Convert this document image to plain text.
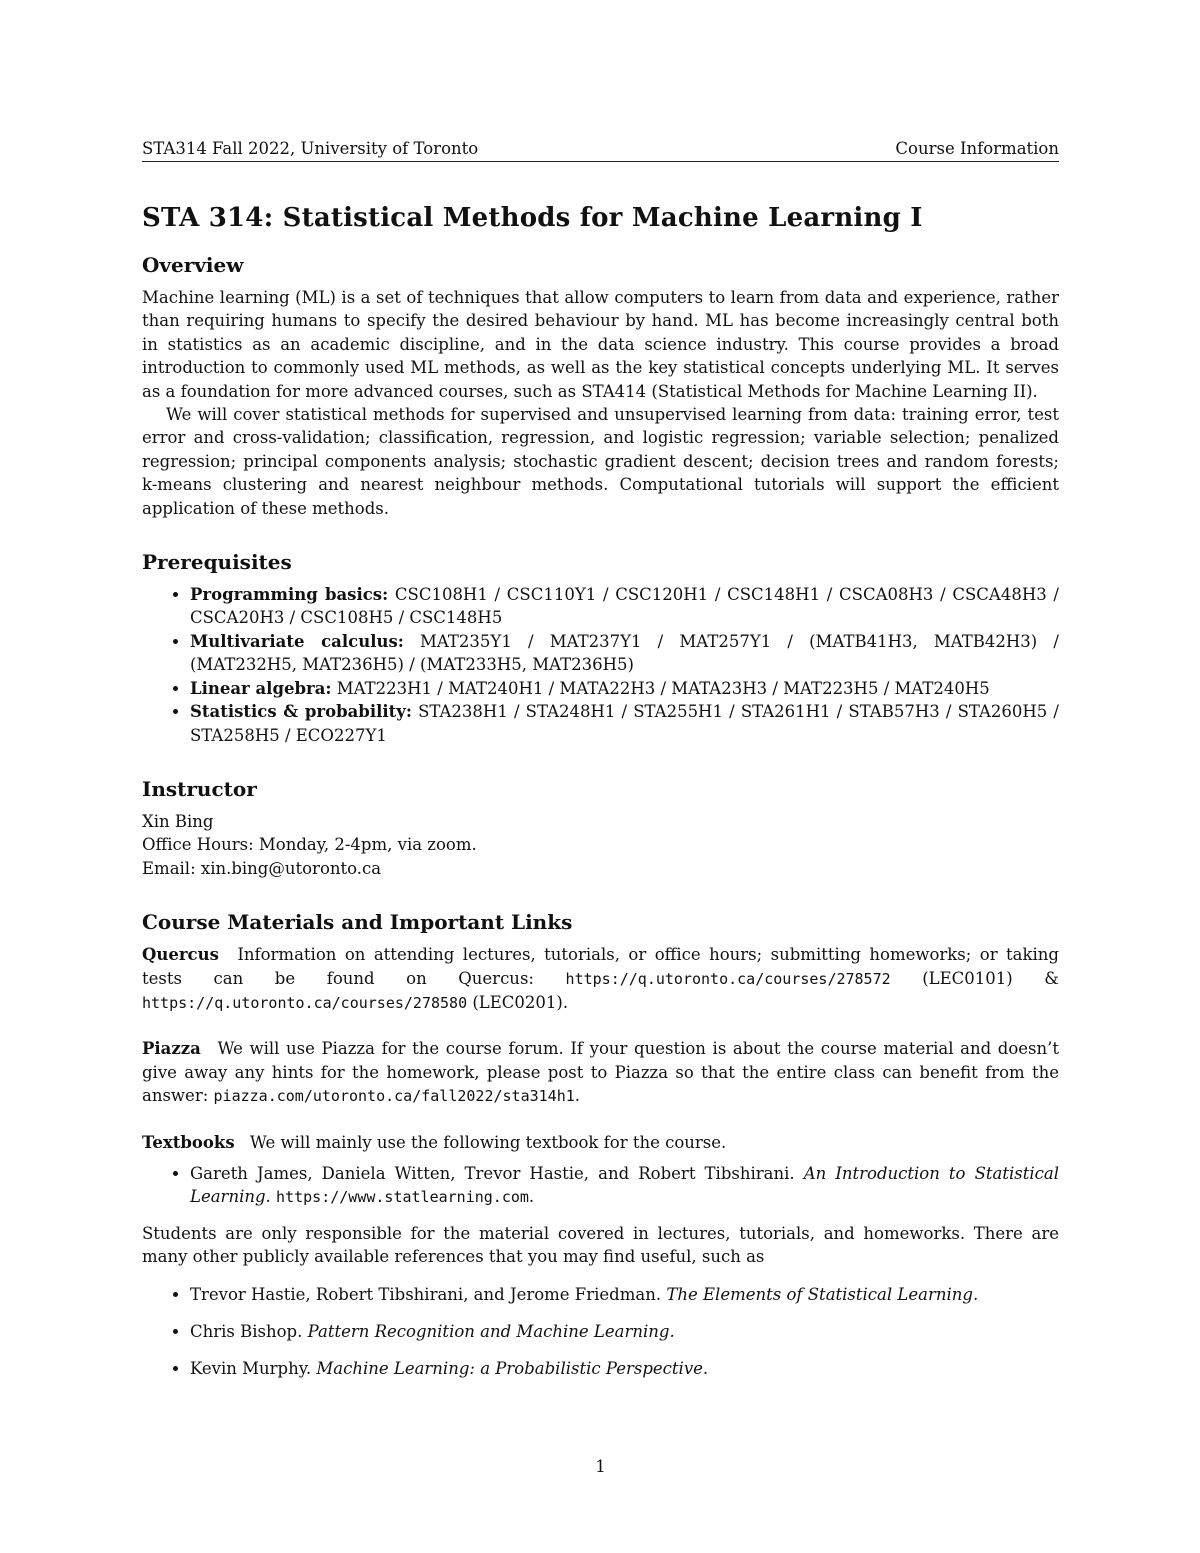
STA314 Fall 2022, University of Toronto	Course Information
STA 314: Statistical Methods for Machine Learning I
Overview

Machine learning (ML) is a set of techniques that allow computers to learn from data and experience, rather than requiring humans to specify the desired behaviour by hand. ML has become increasingly central both in statistics as an academic discipline, and in the data science industry. This course provides a broad introduction to commonly used ML methods, as well as the key statistical concepts underlying ML. It serves as a foundation for more advanced courses, such as STA414 (Statistical Methods for Machine Learning II).

We will cover statistical methods for supervised and unsupervised learning from data: training error, test error and cross-validation; classification, regression, and logistic regression; variable selection; penalized regression; principal components analysis; stochastic gradient descent; decision trees and random forests; k-means clustering and nearest neighbour methods. Computational tutorials will support the efficient application of these methods.

Prerequisites
• Programming basics: CSC108H1 / CSC110Y1 / CSC120H1 / CSC148H1 / CSCA08H3 / CSCA48H3 / CSCA20H3 / CSC108H5 / CSC148H5
• Multivariate calculus: MAT235Y1 / MAT237Y1 / MAT257Y1 / (MATB41H3, MATB42H3) / (MAT232H5, MAT236H5) / (MAT233H5, MAT236H5)
• Linear algebra: MAT223H1 / MAT240H1 / MATA22H3 / MATA23H3 / MAT223H5 / MAT240H5
• Statistics & probability: STA238H1 / STA248H1 / STA255H1 / STA261H1 / STAB57H3 / STA260H5 / STA258H5 / ECO227Y1
Instructor

Xin Bing

Office Hours: Monday, 2-4pm, via zoom.

Email: xin.bing@utoronto.ca

Course Materials and Important Links

Quercus Information on attending lectures, tutorials, or office hours; submitting homeworks; or taking tests can be found on Quercus: https://q.utoronto.ca/courses/278572 (LEC0101) & https://q.utoronto.ca/courses/278580 (LEC0201).

Piazza We will use Piazza for the course forum. If your question is about the course material and doesn’t give away any hints for the homework, please post to Piazza so that the entire class can benefit from the answer: piazza.com/utoronto.ca/fall2022/sta314h1.

Textbooks We will mainly use the following textbook for the course.

• Gareth James, Daniela Witten, Trevor Hastie, and Robert Tibshirani. An Introduction to Statistical Learning. https://www.statlearning.com.

Students are only responsible for the material covered in lectures, tutorials, and homeworks. There are many other publicly available references that you may find useful, such as

• Trevor Hastie, Robert Tibshirani, and Jerome Friedman. The Elements of Statistical Learning.
• Chris Bishop. Pattern Recognition and Machine Learning.
• Kevin Murphy. Machine Learning: a Probabilistic Perspective.
1
